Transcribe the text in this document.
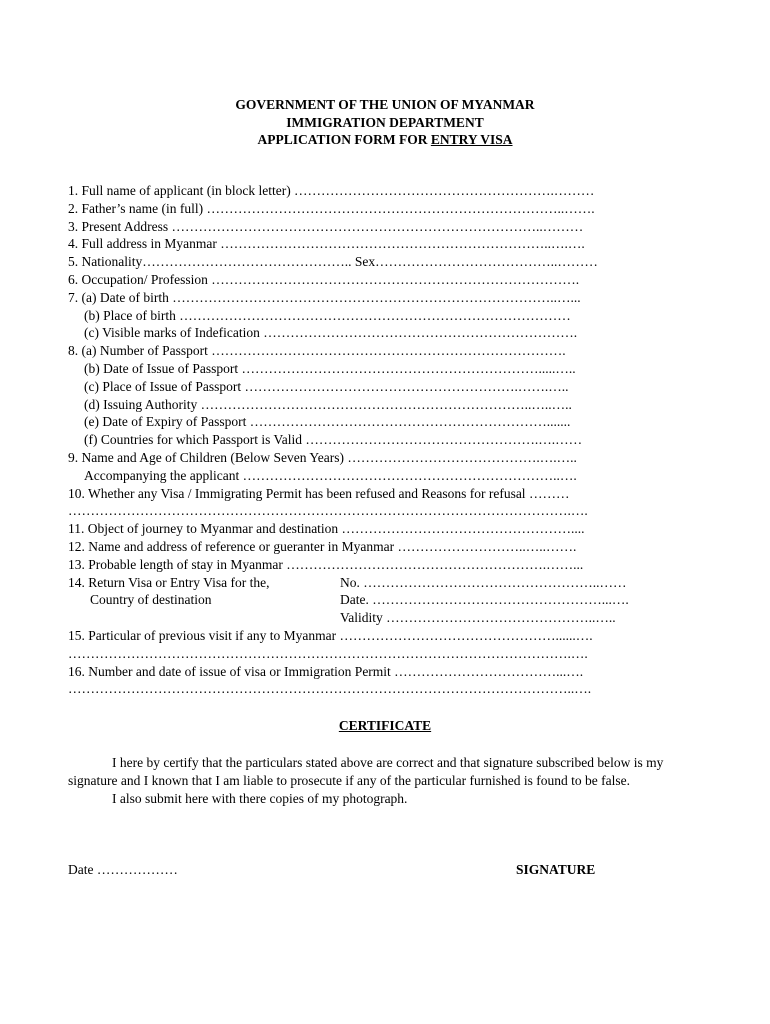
GOVERNMENT OF THE UNION OF MYANMAR
IMMIGRATION DEPARTMENT
APPLICATION FORM FOR ENTRY VISA
1. Full name of applicant (in block letter) ………………………………………………….………
2. Father’s name (in full) ……………………………………………………………………..…….
3. Present Address ………………………………………………………………………..………
4. Full address in Myanmar ………………………………………………………………..….….
5. Nationality……………………………………….. Sex…………………………………..………
6. Occupation/ Profession ……………………………………………………………………….
7. (a) Date of birth …………………………………………………………………………..…...
(b) Place of birth ……………………………………………………………………………
(c) Visible marks of Indefication …………………………………………………………….
8. (a) Number of Passport …………………………………………………………………….
(b) Date of Issue of Passport ………………………………………………………….....…..
(c) Place of Issue of Passport …………………………………………………….…….…..
(d) Issuing Authority ………………………………………………………………..…..…..
(e) Date of Expiry of Passport ………………………………………………………….......
(f) Countries for which Passport is Valid …………………………………………….….……
9. Name and Age of Children (Below Seven Years) …………………………………….….…..
Accompanying the applicant ……………………………………………………………..….
10. Whether any Visa / Immigrating Permit has been refused and Reasons for refusal ………
………………………………………………………………………………………………….….
11. Object of journey to Myanmar and destination ……………………………………………....
12. Name and address of reference or gueranter in Myanmar ………………………..…..…….
13. Probable length of stay in Myanmar ………………………………………………….……...
14. Return Visa or Entry Visa for the,	No. ……………………………………………..……
Country of destination	Date. ……………………………………………...….
Validity ………………………………………..…..
15. Particular of previous visit if any to Myanmar …………………………………………......….
………………………………………………………………………………………………….….
16. Number and date of issue of visa or Immigration Permit ………………………………...….
…………………………………………………………………………………………………..….
CERTIFICATE
I here by certify that the particulars stated above are correct and that signature subscribed below is my signature and I known that I am liable to prosecute if any of the particular furnished is found to be false.
I also submit here with there copies of my photograph.
Date ………………	SIGNATURE
